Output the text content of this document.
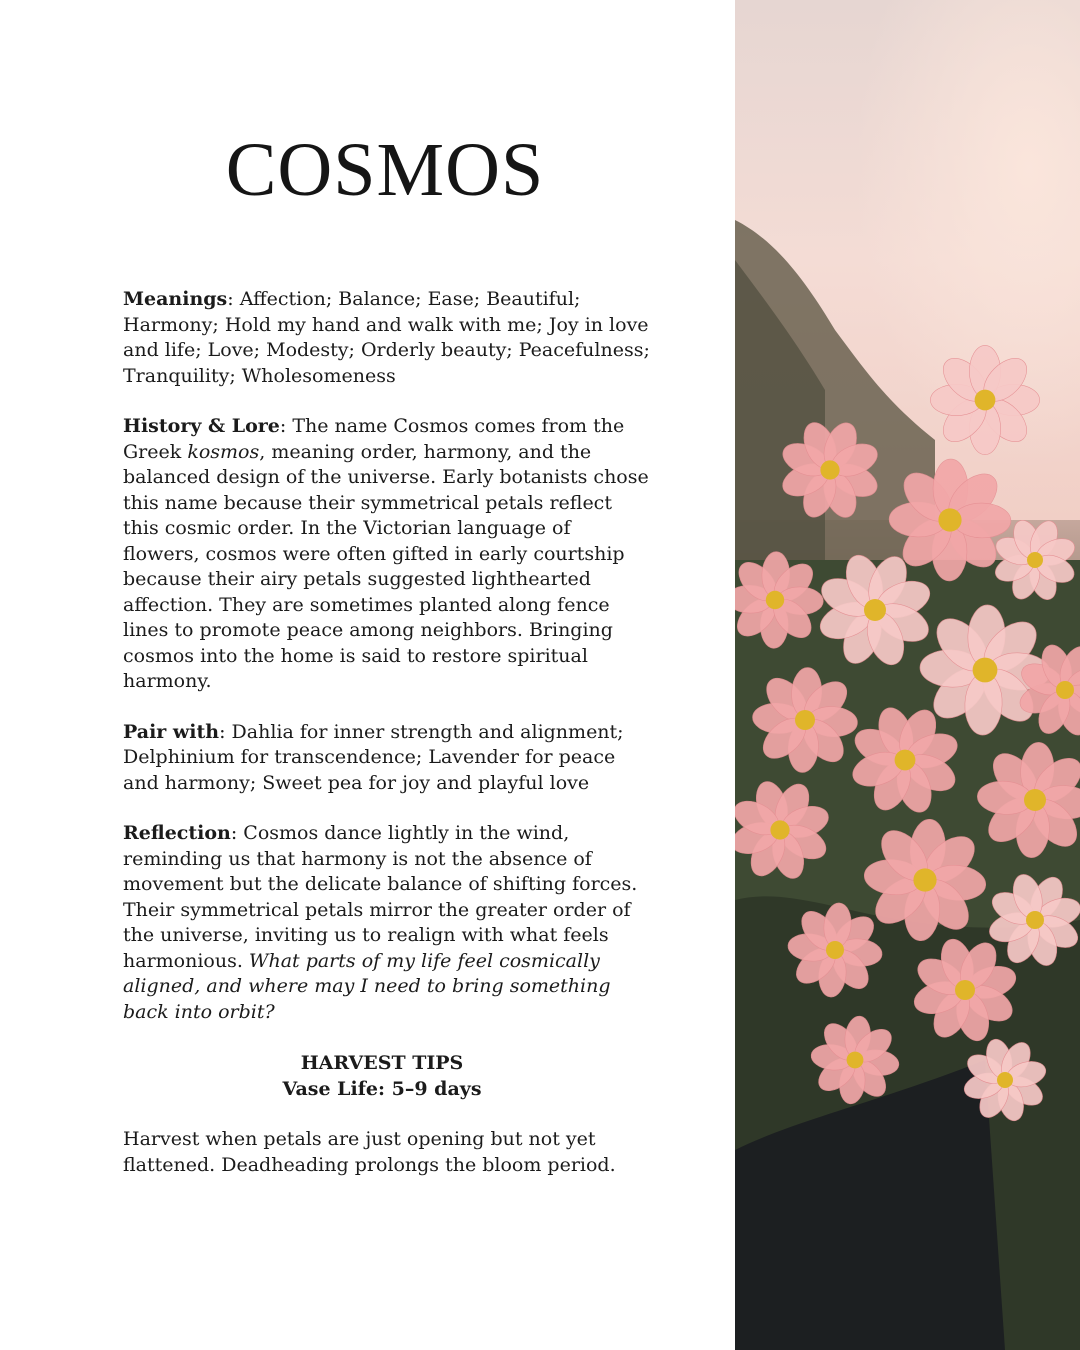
COSMOS

Meanings: Affection; Balance; Ease; Beautiful; Harmony; Hold my hand and walk with me; Joy in love and life; Love; Modesty; Orderly beauty; Peacefulness; Tranquility; Wholesomeness

History & Lore: The name Cosmos comes from the Greek kosmos, meaning order, harmony, and the balanced design of the universe. Early botanists chose this name because their symmetrical petals reflect this cosmic order. In the Victorian language of flowers, cosmos were often gifted in early courtship because their airy petals suggested lighthearted affection. They are sometimes planted along fence lines to promote peace among neighbors. Bringing cosmos into the home is said to restore spiritual harmony.

Pair with: Dahlia for inner strength and alignment; Delphinium for transcendence; Lavender for peace and harmony; Sweet pea for joy and playful love

Reflection: Cosmos dance lightly in the wind, reminding us that harmony is not the absence of movement but the delicate balance of shifting forces. Their symmetrical petals mirror the greater order of the universe, inviting us to realign with what feels harmonious. What parts of my life feel cosmically aligned, and where may I need to bring something back into orbit?

HARVEST TIPS
Vase Life: 5–9 days

Harvest when petals are just opening but not yet flattened. Deadheading prolongs the bloom period.
